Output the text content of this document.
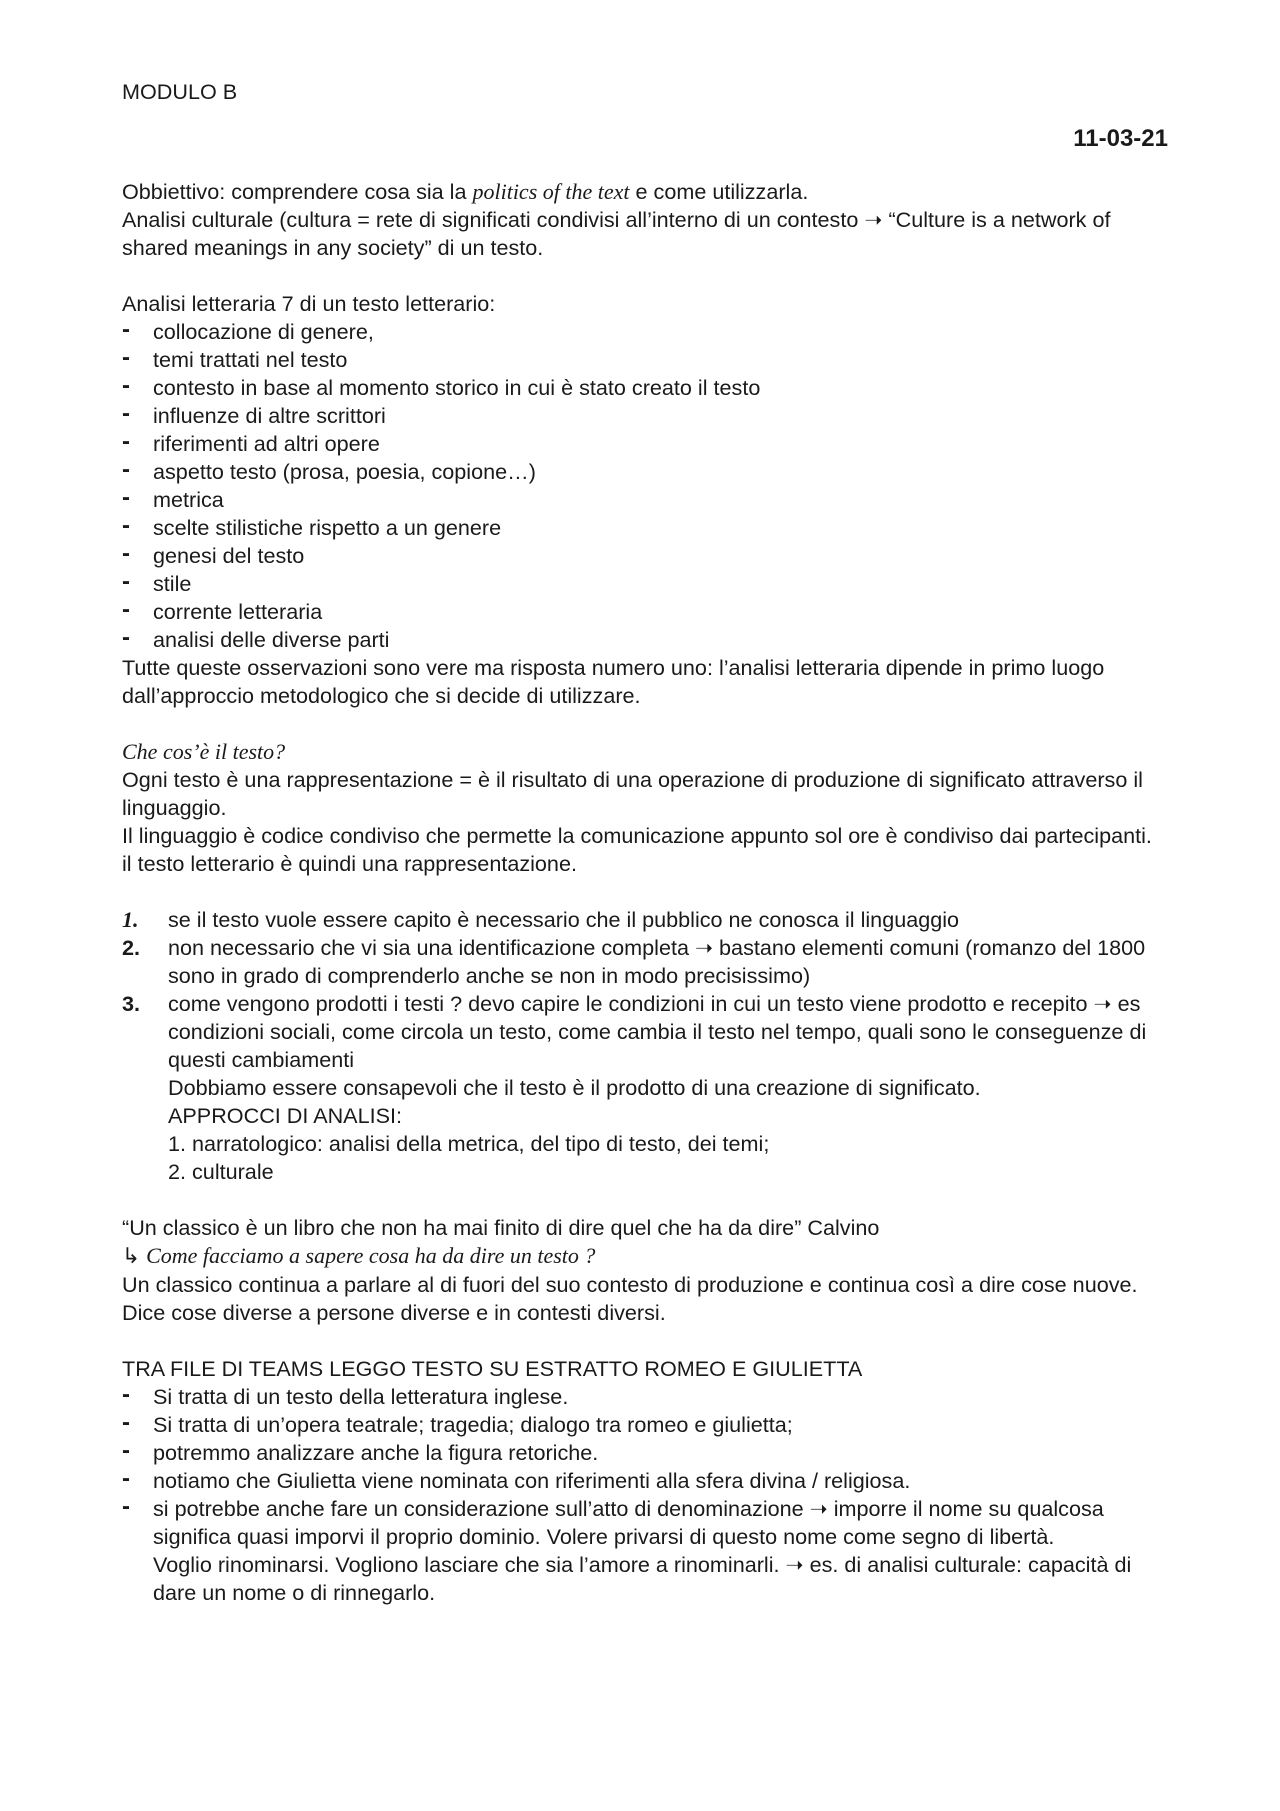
MODULO B
11-03-21

Obbiettivo: comprendere cosa sia la politics of the text e come utilizzarla.

Analisi culturale (cultura = rete di significati condivisi all’interno di un contesto ➝ “Culture is a network of shared meanings in any society” di un testo.

Analisi letteraria 7 di un testo letterario:

- collocazione di genere,
- temi trattati nel testo
- contesto in base al momento storico in cui è stato creato il testo
- influenze di altre scrittori
- riferimenti ad altri opere
- aspetto testo (prosa, poesia, copione…)
- metrica
- scelte stilistiche rispetto a un genere
- genesi del testo
- stile
- corrente letteraria
- analisi delle diverse parti

Tutte queste osservazioni sono vere ma risposta numero uno: l’analisi letteraria dipende in primo luogo dall’approccio metodologico che si decide di utilizzare.

Che cos’è il testo?

Ogni testo è una rappresentazione = è il risultato di una operazione di produzione di significato attraverso il linguaggio.

Il linguaggio è codice condiviso che permette la comunicazione appunto sol ore è condiviso dai partecipanti.

il testo letterario è quindi una rappresentazione.

1. se il testo vuole essere capito è necessario che il pubblico ne conosca il linguaggio
2. non necessario che vi sia una identificazione completa ➝ bastano elementi comuni (romanzo del 1800 sono in grado di comprenderlo anche se non in modo precisissimo)
3. come vengono prodotti i testi ? devo capire le condizioni in cui un testo viene prodotto e recepito ➝ es condizioni sociali, come circola un testo, come cambia il testo nel tempo, quali sono le conseguenze di questi cambiamenti
Dobbiamo essere consapevoli che il testo è il prodotto di una creazione di significato.
APPROCCI DI ANALISI:
1. narratologico: analisi della metrica, del tipo di testo, dei temi;
2. culturale

“Un classico è un libro che non ha mai finito di dire quel che ha da dire” Calvino

↳ Come facciamo a sapere cosa ha da dire un testo ?

Un classico continua a parlare al di fuori del suo contesto di produzione e continua così a dire cose nuove. Dice cose diverse a persone diverse e in contesti diversi.

TRA FILE DI TEAMS LEGGO TESTO SU ESTRATTO ROMEO E GIULIETTA

- Si tratta di un testo della letteratura inglese.
- Si tratta di un’opera teatrale; tragedia; dialogo tra romeo e giulietta;
- potremmo analizzare anche la figura retoriche.
- notiamo che Giulietta viene nominata con riferimenti alla sfera divina / religiosa.
- si potrebbe anche fare un considerazione sull’atto di denominazione ➝ imporre il nome su qualcosa significa quasi imporvi il proprio dominio. Volere privarsi di questo nome come segno di libertà.
Voglio rinominarsi. Vogliono lasciare che sia l’amore a rinominarli. ➝ es. di analisi culturale: capacità di dare un nome o di rinnegarlo.
